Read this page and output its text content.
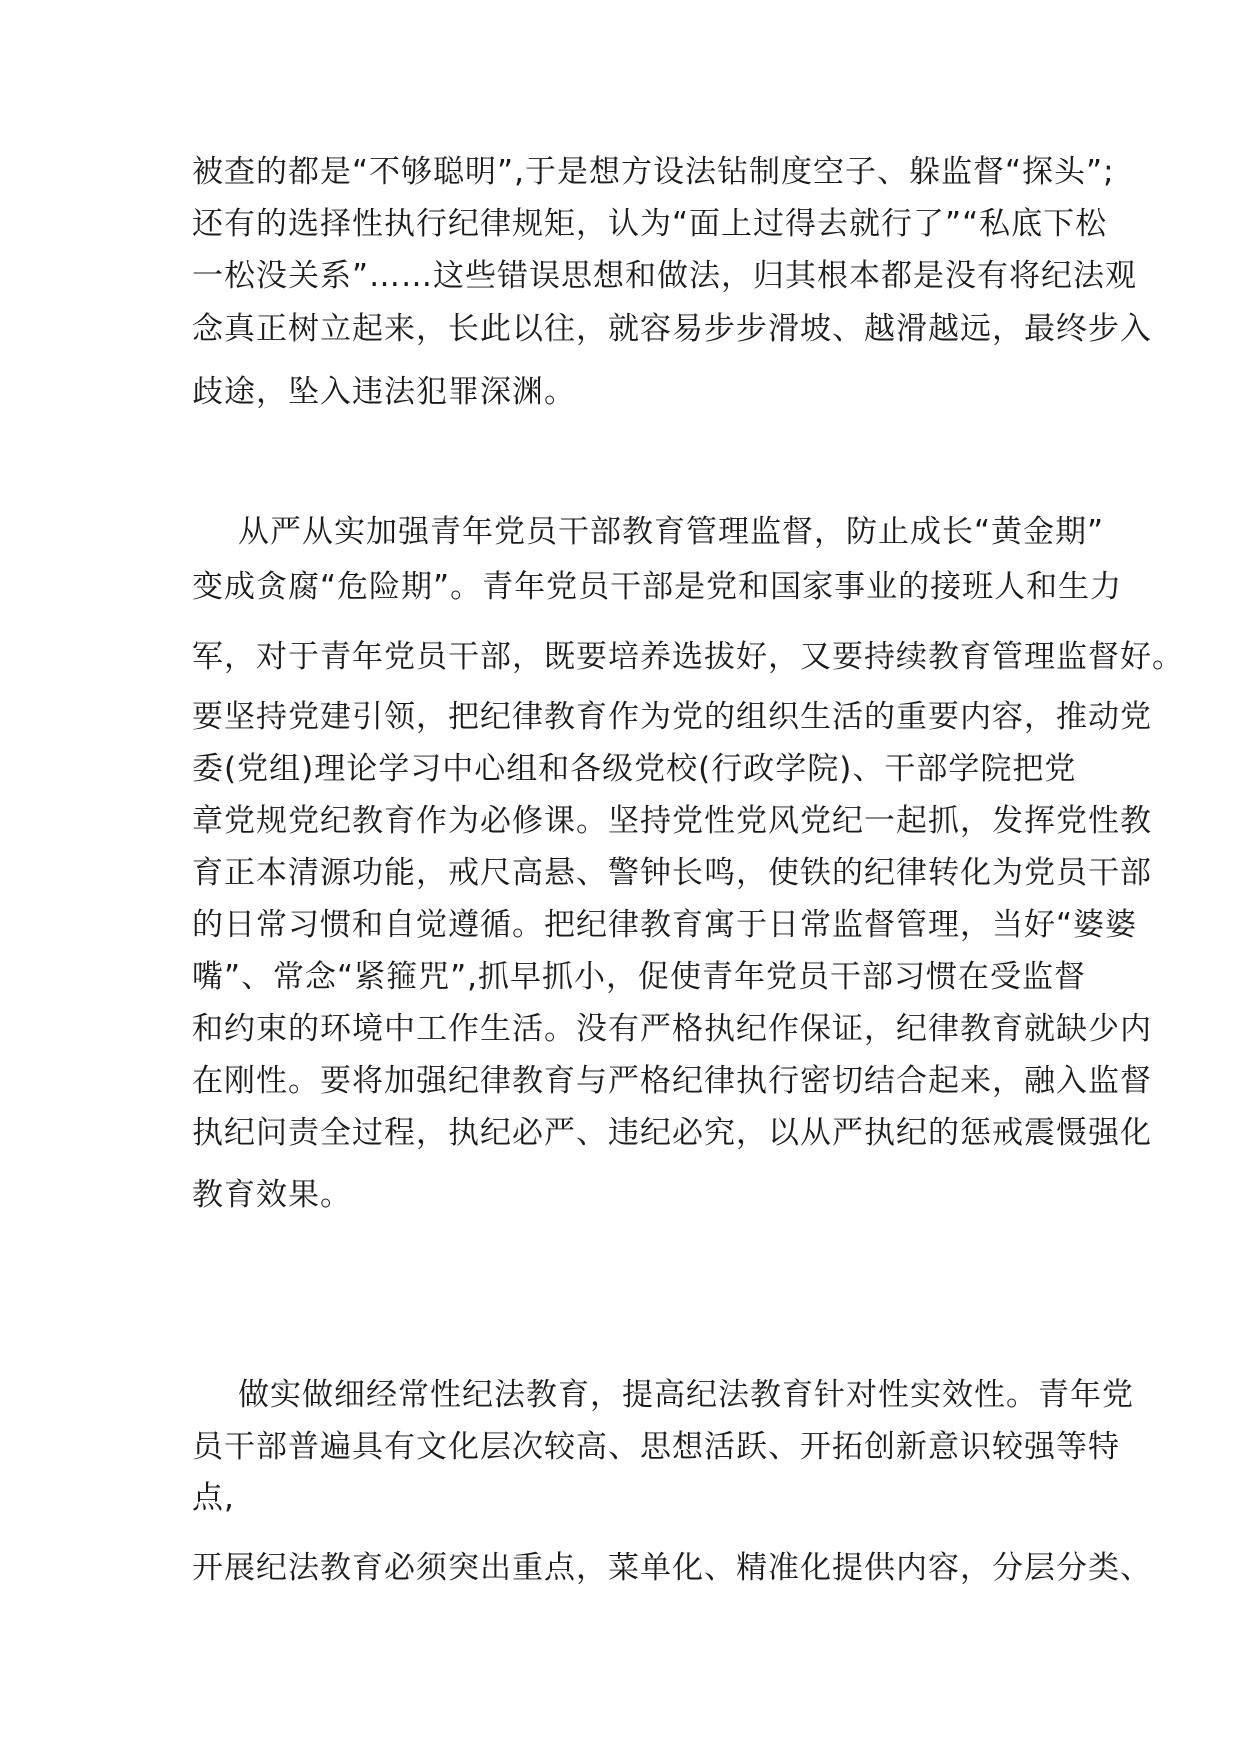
被查的都是“不够聪明”,于是想方设法钻制度空子、躲监督“探头”;
还有的选择性执行纪律规矩，认为“面上过得去就行了”“私底下松
一松没关系”……这些错误思想和做法，归其根本都是没有将纪法观
念真正树立起来，长此以往，就容易步步滑坡、越滑越远，最终步入
歧途，坠入违法犯罪深渊。
从严从实加强青年党员干部教育管理监督，防止成长“黄金期”
变成贪腐“危险期”。青年党员干部是党和国家事业的接班人和生力
军，对于青年党员干部，既要培养选拔好，又要持续教育管理监督好。
要坚持党建引领，把纪律教育作为党的组织生活的重要内容，推动党
委(党组)理论学习中心组和各级党校(行政学院)、干部学院把党
章党规党纪教育作为必修课。坚持党性党风党纪一起抓，发挥党性教
育正本清源功能，戒尺高悬、警钟长鸣，使铁的纪律转化为党员干部
的日常习惯和自觉遵循。把纪律教育寓于日常监督管理，当好“婆婆
嘴”、常念“紧箍咒”,抓早抓小，促使青年党员干部习惯在受监督
和约束的环境中工作生活。没有严格执纪作保证，纪律教育就缺少内
在刚性。要将加强纪律教育与严格纪律执行密切结合起来，融入监督
执纪问责全过程，执纪必严、违纪必究，以从严执纪的惩戒震慑强化
教育效果。
做实做细经常性纪法教育，提高纪法教育针对性实效性。青年党
员干部普遍具有文化层次较高、思想活跃、开拓创新意识较强等特
点,
开展纪法教育必须突出重点，菜单化、精准化提供内容，分层分类、
